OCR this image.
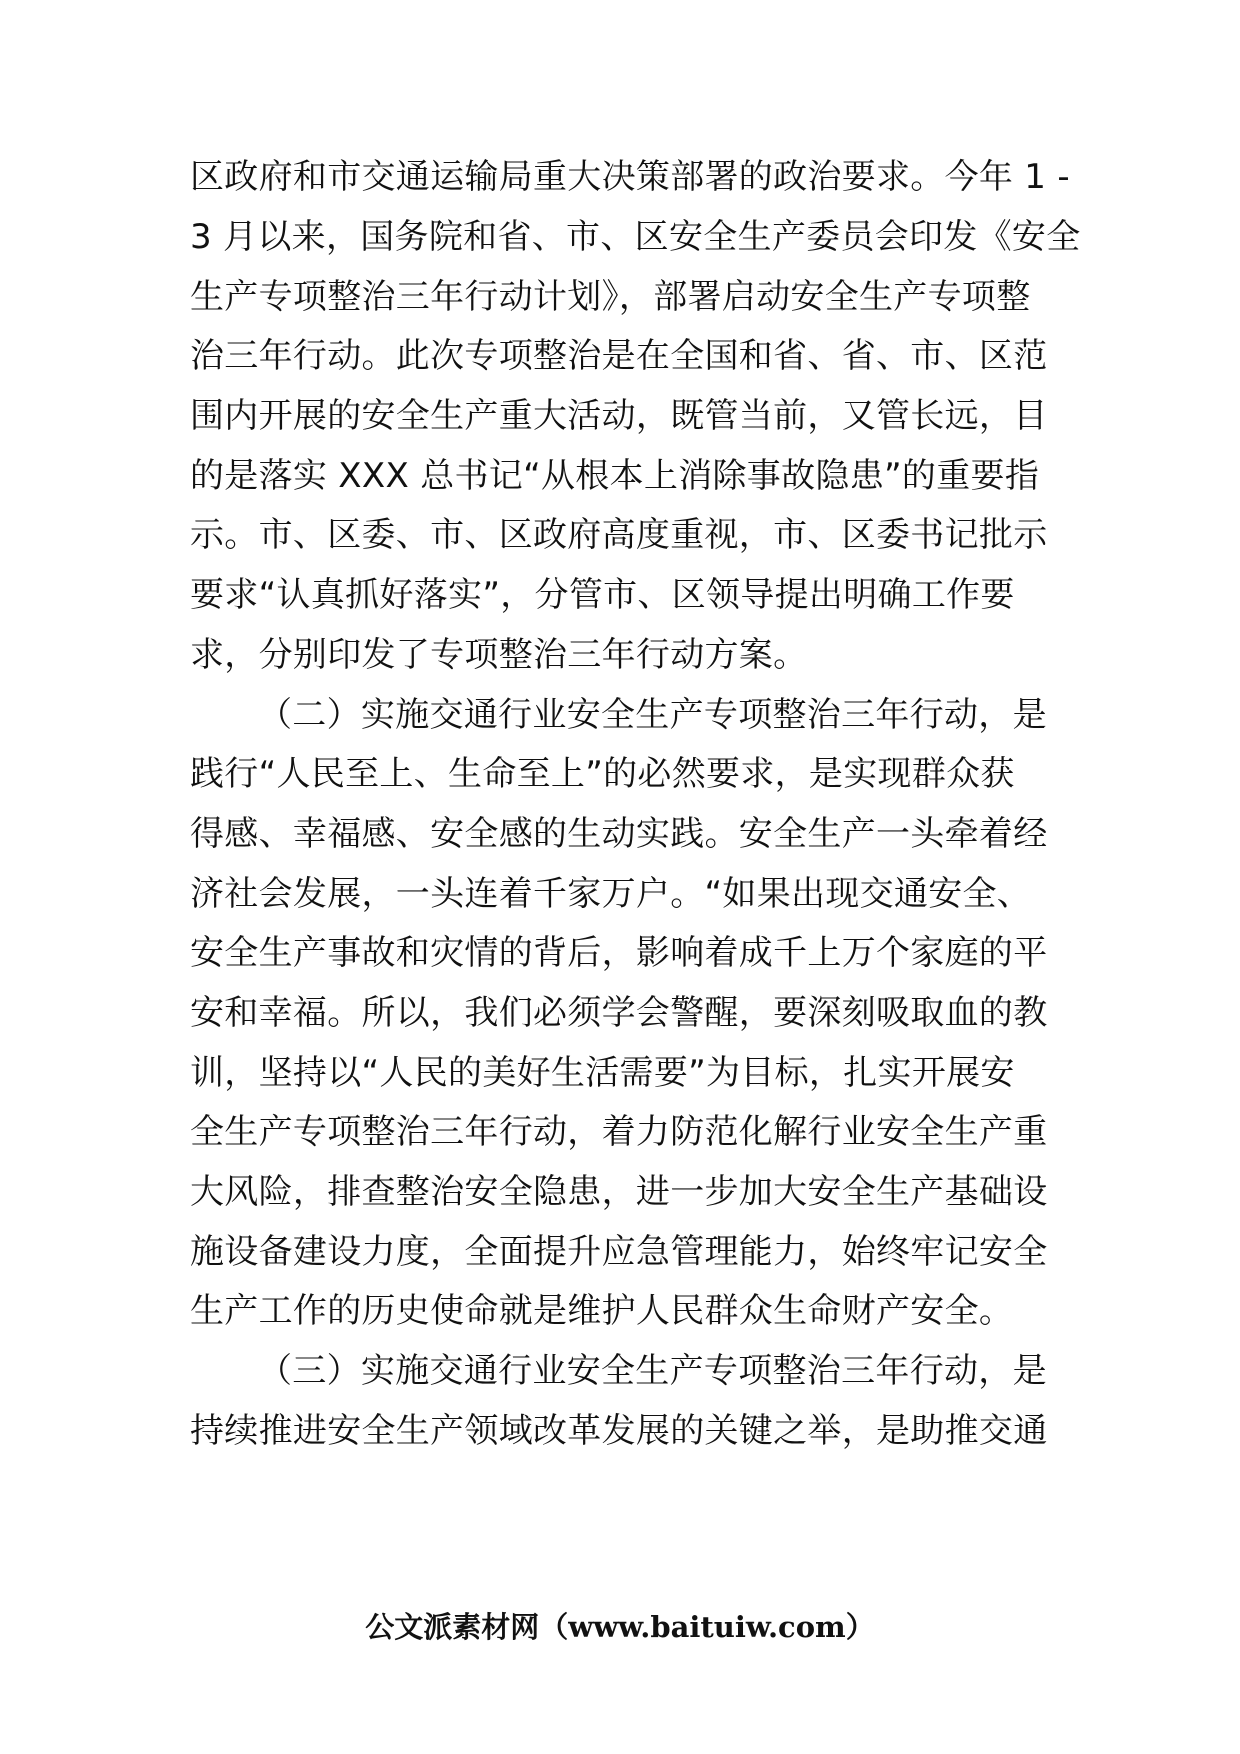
区政府和市交通运输局重大决策部署的政治要求。今年 1 -
3 月以来，国务院和省、市、区安全生产委员会印发《安全
生产专项整治三年行动计划》，部署启动安全生产专项整
治三年行动。此次专项整治是在全国和省、省、市、区范
围内开展的安全生产重大活动，既管当前，又管长远，目
的是落实 XXX 总书记“从根本上消除事故隐患”的重要指
示。市、区委、市、区政府高度重视，市、区委书记批示
要求“认真抓好落实”，分管市、区领导提出明确工作要
求，分别印发了专项整治三年行动方案。
（二）实施交通行业安全生产专项整治三年行动，是
践行“人民至上、生命至上”的必然要求，是实现群众获
得感、幸福感、安全感的生动实践。安全生产一头牵着经
济社会发展，一头连着千家万户。“如果出现交通安全、
安全生产事故和灾情的背后，影响着成千上万个家庭的平
安和幸福。所以，我们必须学会警醒，要深刻吸取血的教
训，坚持以“人民的美好生活需要”为目标，扎实开展安
全生产专项整治三年行动，着力防范化解行业安全生产重
大风险，排查整治安全隐患，进一步加大安全生产基础设
施设备建设力度，全面提升应急管理能力，始终牢记安全
生产工作的历史使命就是维护人民群众生命财产安全。
（三）实施交通行业安全生产专项整治三年行动，是
持续推进安全生产领域改革发展的关键之举，是助推交通
公文派素材网（www.baituiw.com）
